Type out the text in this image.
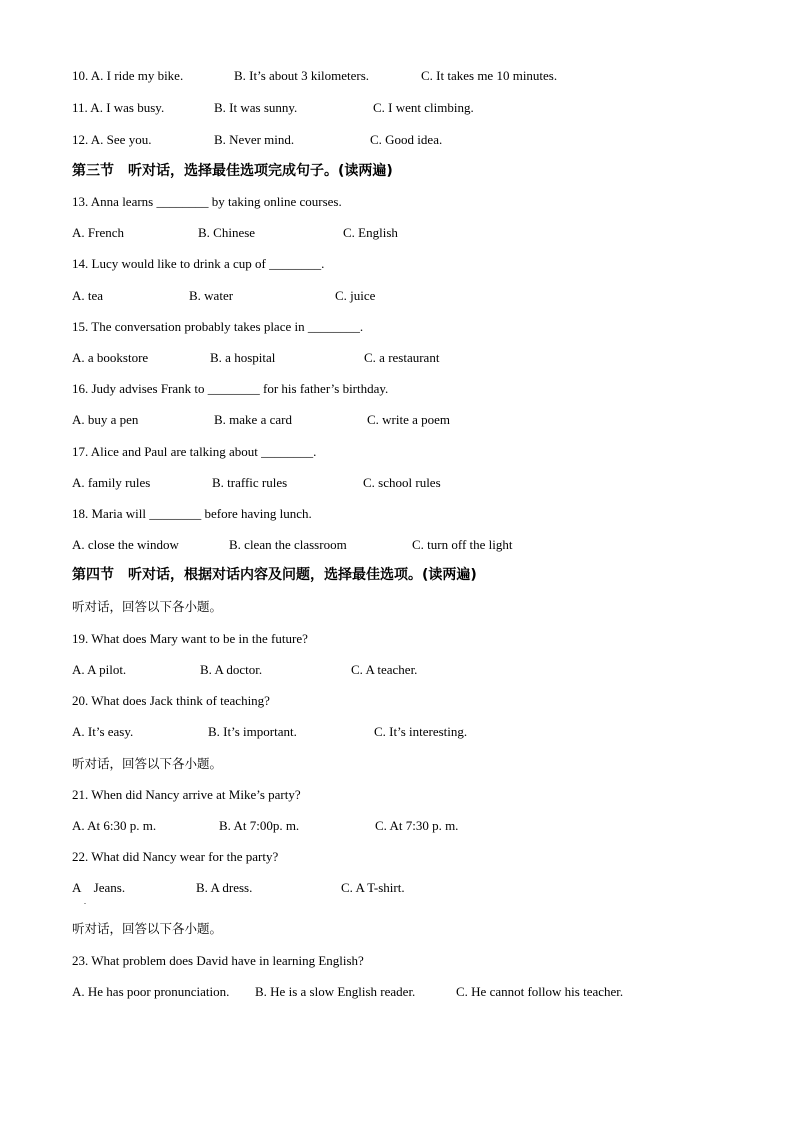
10. A. I ride my bike.	B. It’s about 3 kilometers.	C. It takes me 10 minutes.
11. A. I was busy.	B. It was sunny.	C. I went climbing.
12. A. See you.	B. Never mind.	C. Good idea.
第三节　听对话，选择最佳选项完成句子。(读两遍)
13. Anna learns ________ by taking online courses.
A. French	B. Chinese	C. English
14. Lucy would like to drink a cup of ________.
A. tea	B. water	C. juice
15. The conversation probably takes place in ________.
A. a bookstore	B. a hospital	C. a restaurant
16. Judy advises Frank to ________ for his father’s birthday.
A. buy a pen	B. make a card	C. write a poem
17. Alice and Paul are talking about ________.
A. family rules	B. traffic rules	C. school rules
18. Maria will ________ before having lunch.
A. close the window	B. clean the classroom	C. turn off the light
第四节　听对话，根据对话内容及问题，选择最佳选项。(读两遍)
听对话，回答以下各小题。
19. What does Mary want to be in the future?
A. A pilot.	B. A doctor.	C. A teacher.
20. What does Jack think of teaching?
A. It’s easy.	B. It’s important.	C. It’s interesting.
听对话，回答以下各小题。
21. When did Nancy arrive at Mike’s party?
A. At 6:30 p. m.	B. At 7:00p. m.	C. At 7:30 p. m.
22. What did Nancy wear for the party?
A　Jeans.	B. A dress.	C. A T-shirt.
.
听对话，回答以下各小题。
23. What problem does David have in learning English?
A. He has poor pronunciation. B. He is a slow English reader.	C. He cannot follow his teacher.
